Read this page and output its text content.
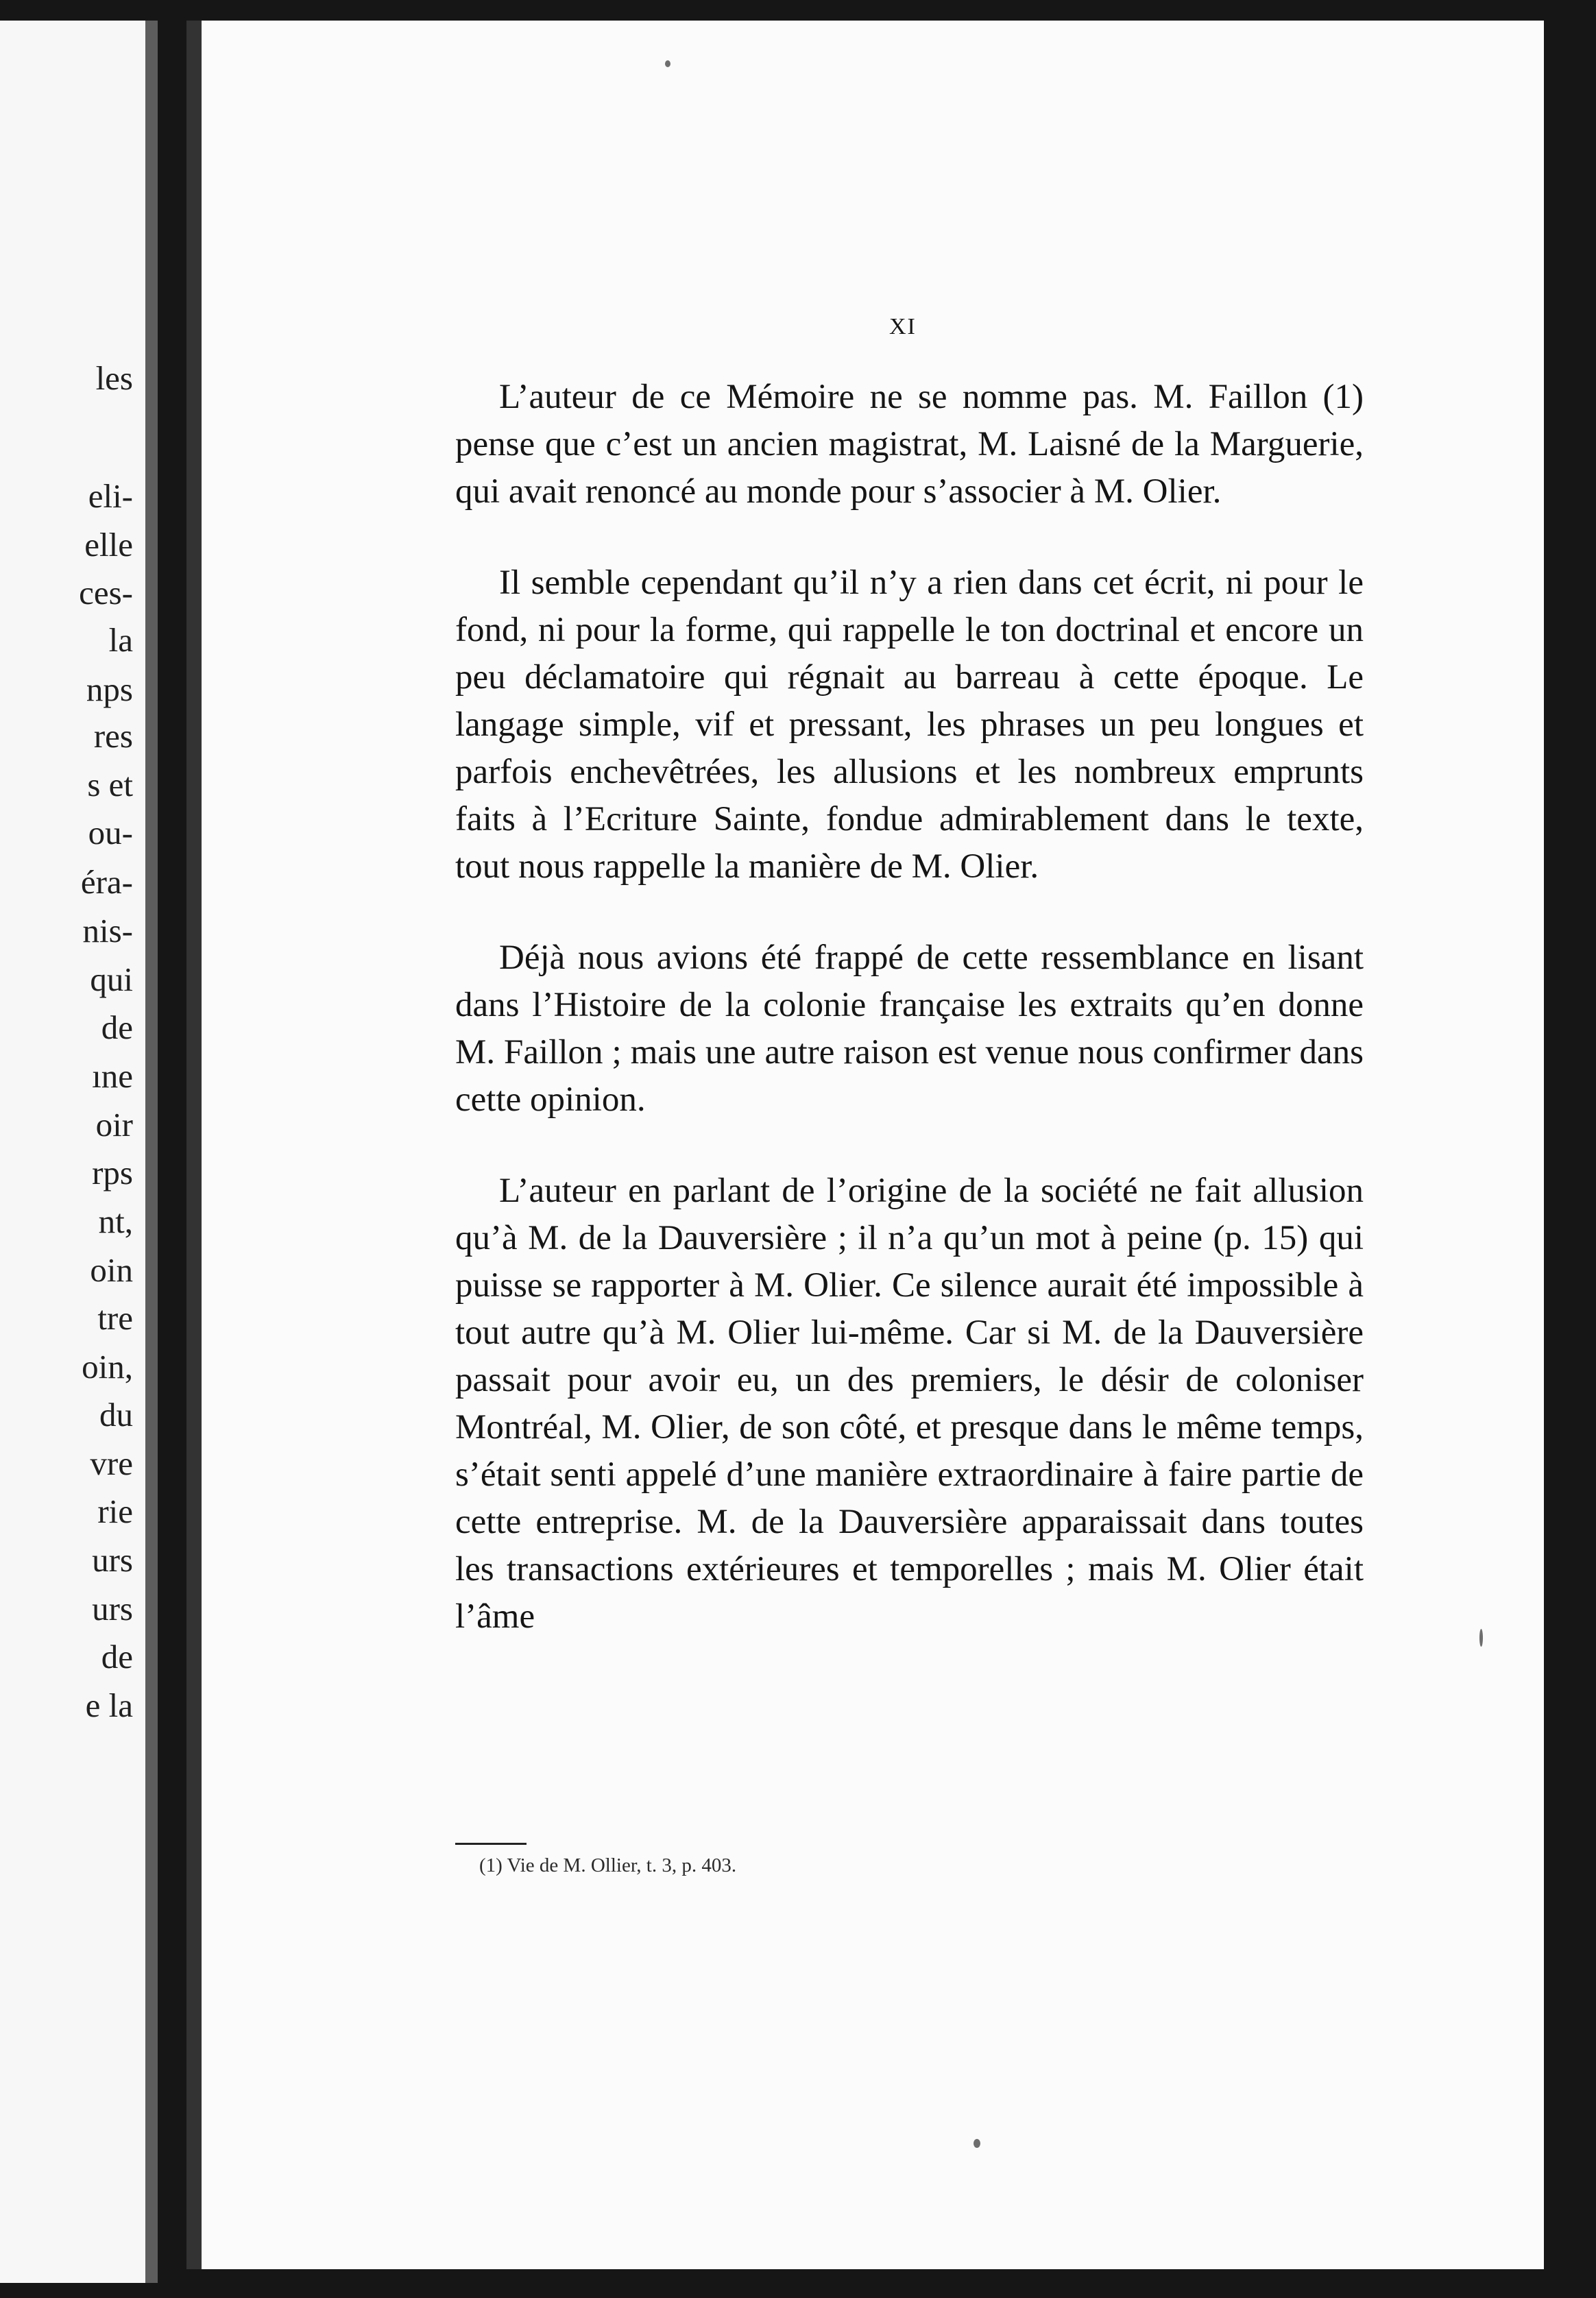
les
eli-
elle
ces-
la
nps
res
s et
ou-
éra-
nis-
qui
de
ıne
oir
rps
nt,
oin
tre
oin,
du
vre
rie
urs
urs
de
e la
XI

L’auteur de ce Mémoire ne se nomme pas. M. Faillon (1) pense que c’est un ancien magistrat, M. Laisné de la Marguerie, qui avait renoncé au monde pour s’associer à M. Olier.

Il semble cependant qu’il n’y a rien dans cet écrit, ni pour le fond, ni pour la forme, qui rappelle le ton doctrinal et encore un peu déclamatoire qui régnait au barreau à cette époque. Le langage simple, vif et pressant, les phrases un peu longues et parfois enchevêtrées, les allusions et les nombreux emprunts faits à l’Ecriture Sainte, fondue admirablement dans le texte, tout nous rappelle la manière de M. Olier.

Déjà nous avions été frappé de cette ressemblance en lisant dans l’Histoire de la colonie française les extraits qu’en donne M. Faillon ; mais une autre raison est venue nous confirmer dans cette opinion.

L’auteur en parlant de l’origine de la société ne fait allusion qu’à M. de la Dauversière ; il n’a qu’un mot à peine (p. 15) qui puisse se rapporter à M. Olier. Ce silence aurait été impossible à tout autre qu’à M. Olier lui-même. Car si M. de la Dauversière passait pour avoir eu, un des premiers, le désir de coloniser Montréal, M. Olier, de son côté, et presque dans le même temps, s’était senti appelé d’une manière extraordinaire à faire partie de cette entreprise. M. de la Dauversière apparaissait dans toutes les transactions extérieures et temporelles ; mais M. Olier était l’âme

(1) Vie de M. Ollier, t. 3, p. 403.
